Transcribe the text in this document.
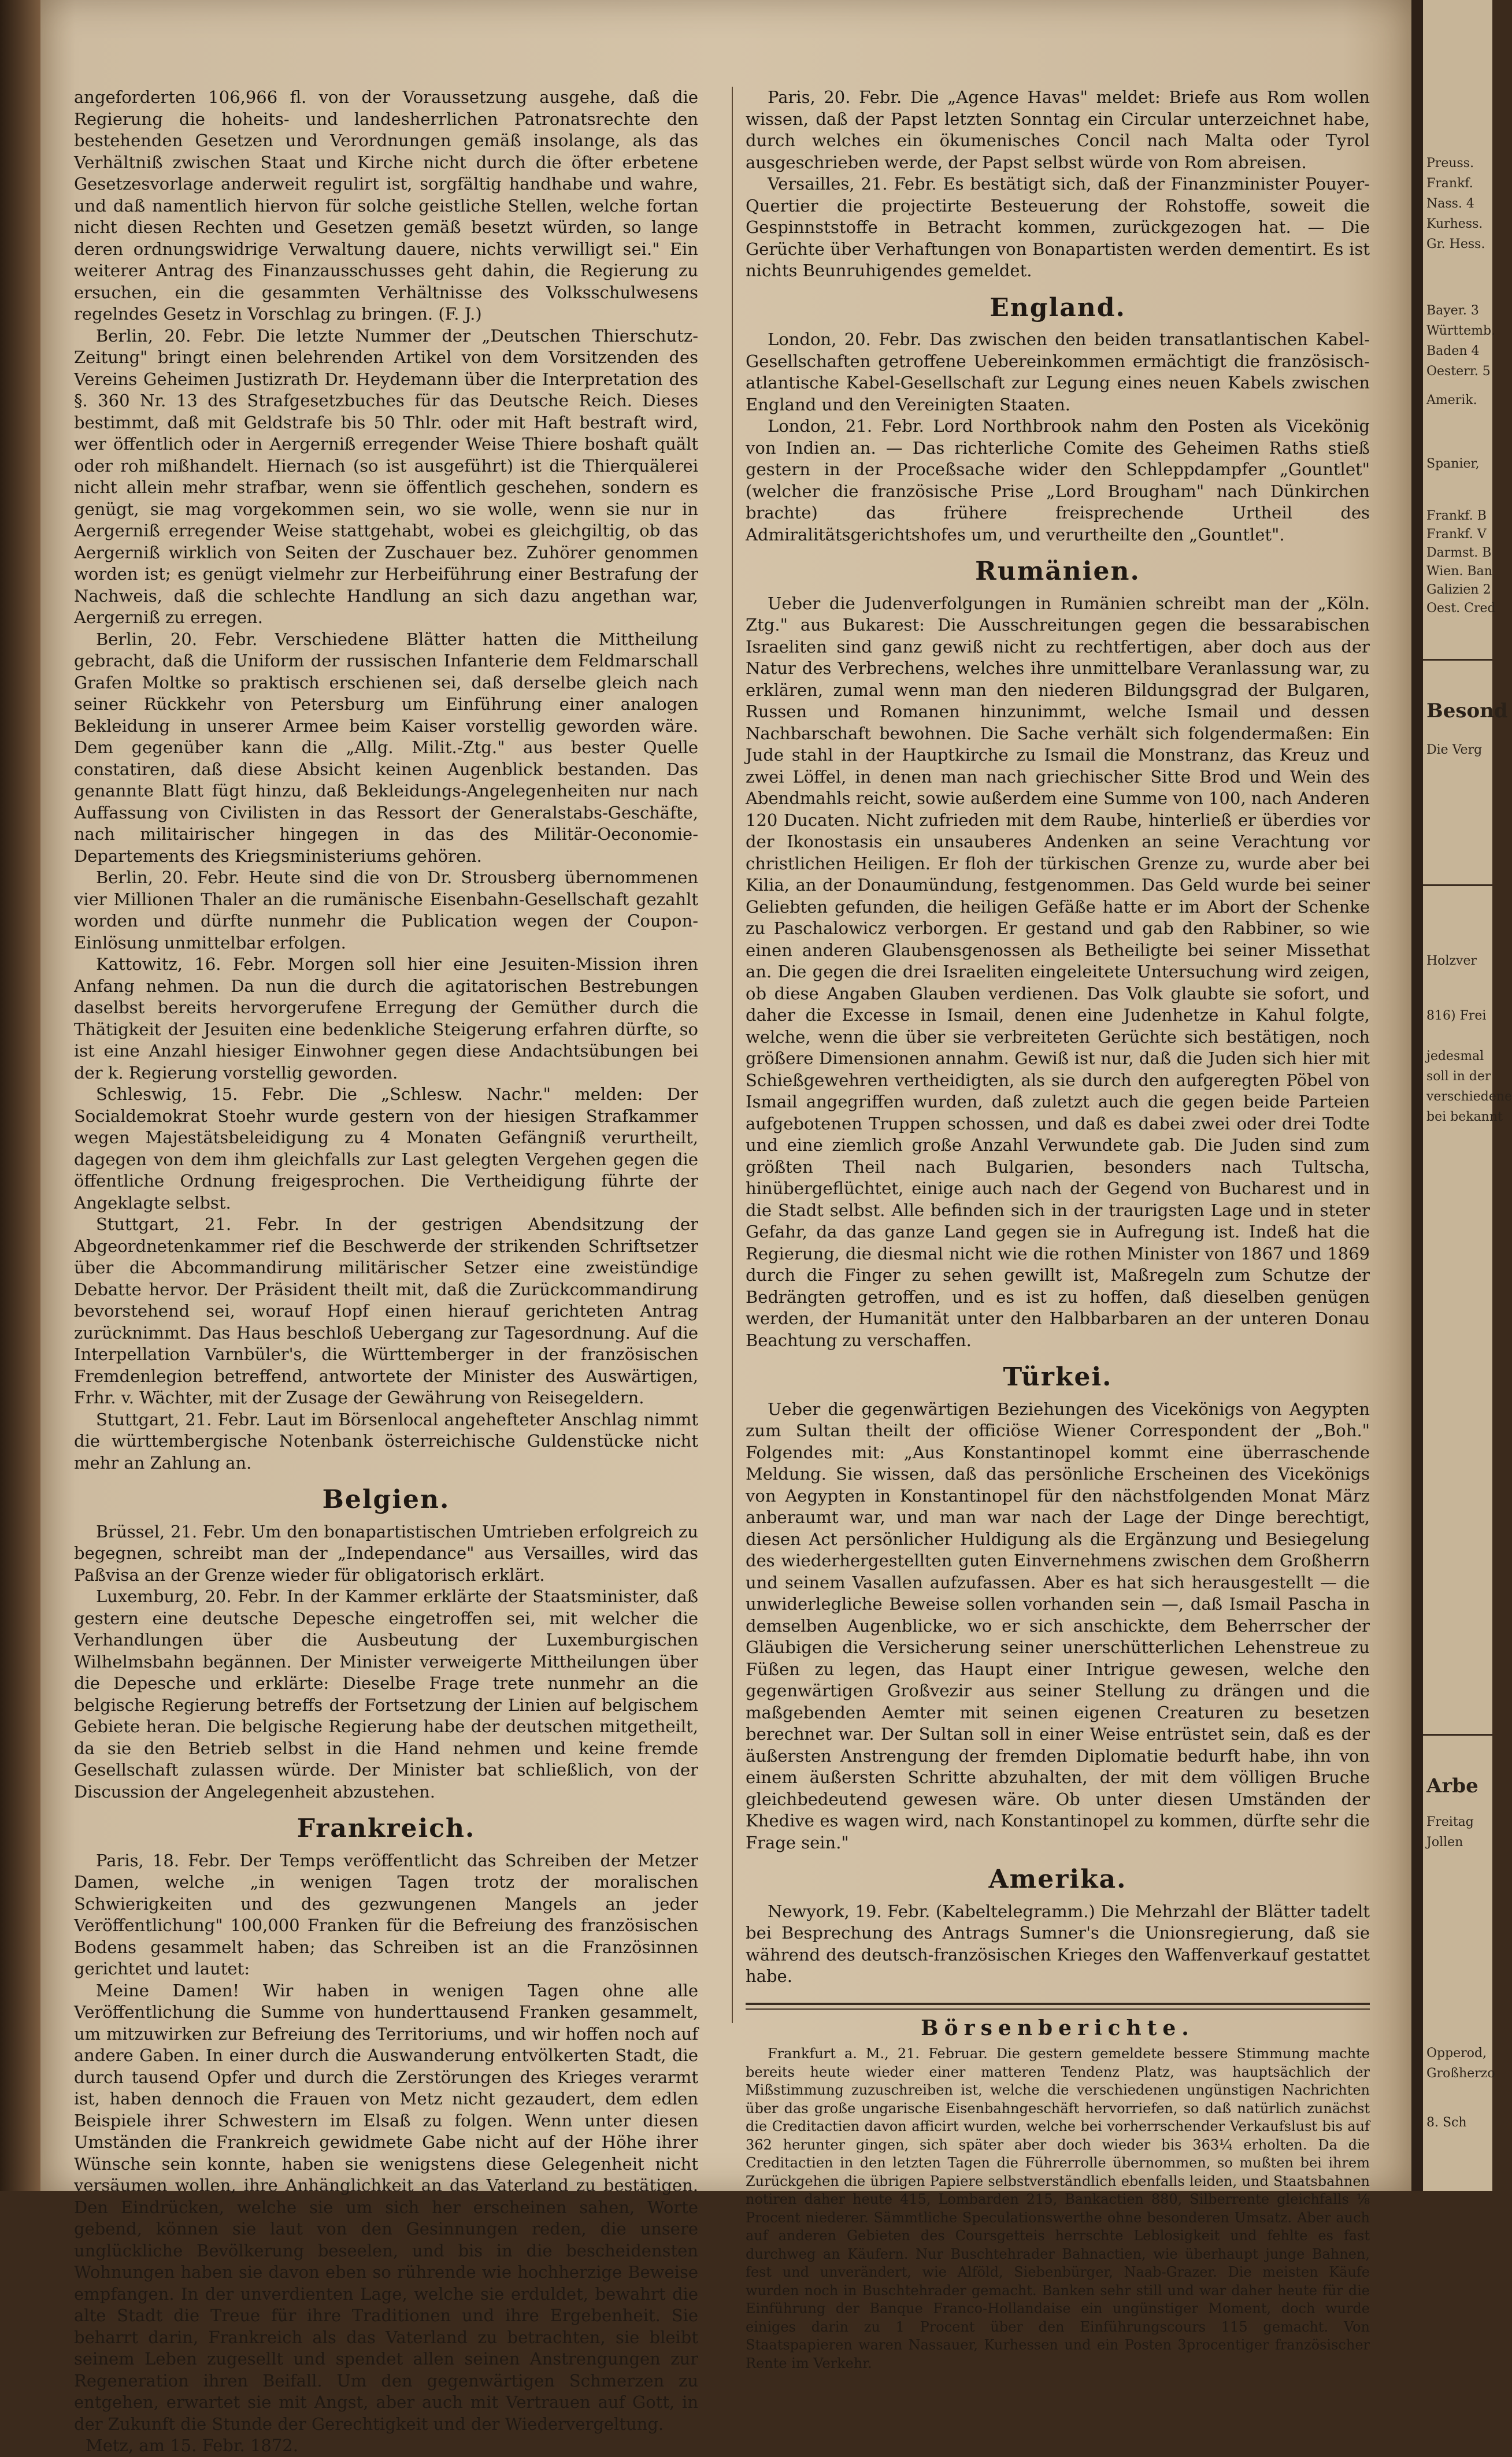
angeforderten 106,966 fl. von der Voraussetzung ausgehe, daß die Regierung die hoheits- und landesherrlichen Patronatsrechte den bestehenden Gesetzen und Verordnungen gemäß insolange, als das Verhältniß zwischen Staat und Kirche nicht durch die öfter erbetene Gesetzesvorlage anderweit regulirt ist, sorgfältig handhabe und wahre, und daß namentlich hiervon für solche geistliche Stellen, welche fortan nicht diesen Rechten und Gesetzen gemäß besetzt würden, so lange deren ordnungswidrige Verwaltung dauere, nichts verwilligt sei." Ein weiterer Antrag des Finanzausschusses geht dahin, die Regierung zu ersuchen, ein die gesammten Verhältnisse des Volksschulwesens regelndes Gesetz in Vorschlag zu bringen. (F. J.)

Berlin, 20. Febr. Die letzte Nummer der „Deutschen Thierschutz-Zeitung" bringt einen belehrenden Artikel von dem Vorsitzenden des Vereins Geheimen Justizrath Dr. Heydemann über die Interpretation des §. 360 Nr. 13 des Strafgesetzbuches für das Deutsche Reich. Dieses bestimmt, daß mit Geldstrafe bis 50 Thlr. oder mit Haft bestraft wird, wer öffentlich oder in Aergerniß erregender Weise Thiere boshaft quält oder roh mißhandelt. Hiernach (so ist ausgeführt) ist die Thierquälerei nicht allein mehr strafbar, wenn sie öffentlich geschehen, sondern es genügt, sie mag vorgekommen sein, wo sie wolle, wenn sie nur in Aergerniß erregender Weise stattgehabt, wobei es gleichgiltig, ob das Aergerniß wirklich von Seiten der Zuschauer bez. Zuhörer genommen worden ist; es genügt vielmehr zur Herbeiführung einer Bestrafung der Nachweis, daß die schlechte Handlung an sich dazu angethan war, Aergerniß zu erregen.

Berlin, 20. Febr. Verschiedene Blätter hatten die Mittheilung gebracht, daß die Uniform der russischen Infanterie dem Feldmarschall Grafen Moltke so praktisch erschienen sei, daß derselbe gleich nach seiner Rückkehr von Petersburg um Einführung einer analogen Bekleidung in unserer Armee beim Kaiser vorstellig geworden wäre. Dem gegenüber kann die „Allg. Milit.-Ztg." aus bester Quelle constatiren, daß diese Absicht keinen Augenblick bestanden. Das genannte Blatt fügt hinzu, daß Bekleidungs-Angelegenheiten nur nach Auffassung von Civilisten in das Ressort der Generalstabs-Geschäfte, nach militairischer hingegen in das des Militär-Oeconomie-Departements des Kriegsministeriums gehören.

Berlin, 20. Febr. Heute sind die von Dr. Strousberg übernommenen vier Millionen Thaler an die rumänische Eisenbahn-Gesellschaft gezahlt worden und dürfte nunmehr die Publication wegen der Coupon-Einlösung unmittelbar erfolgen.

Kattowitz, 16. Febr. Morgen soll hier eine Jesuiten-Mission ihren Anfang nehmen. Da nun die durch die agitatorischen Bestrebungen daselbst bereits hervorgerufene Erregung der Gemüther durch die Thätigkeit der Jesuiten eine bedenkliche Steigerung erfahren dürfte, so ist eine Anzahl hiesiger Einwohner gegen diese Andachtsübungen bei der k. Regierung vorstellig geworden.

Schleswig, 15. Febr. Die „Schlesw. Nachr." melden: Der Socialdemokrat Stoehr wurde gestern von der hiesigen Strafkammer wegen Majestätsbeleidigung zu 4 Monaten Gefängniß verurtheilt, dagegen von dem ihm gleichfalls zur Last gelegten Vergehen gegen die öffentliche Ordnung freigesprochen. Die Vertheidigung führte der Angeklagte selbst.

Stuttgart, 21. Febr. In der gestrigen Abendsitzung der Abgeordnetenkammer rief die Beschwerde der strikenden Schriftsetzer über die Abcommandirung militärischer Setzer eine zweistündige Debatte hervor. Der Präsident theilt mit, daß die Zurückcommandirung bevorstehend sei, worauf Hopf einen hierauf gerichteten Antrag zurücknimmt. Das Haus beschloß Uebergang zur Tagesordnung. Auf die Interpellation Varnbüler's, die Württemberger in der französischen Fremdenlegion betreffend, antwortete der Minister des Auswärtigen, Frhr. v. Wächter, mit der Zusage der Gewährung von Reisegeldern.

Stuttgart, 21. Febr. Laut im Börsenlocal angehefteter Anschlag nimmt die württembergische Notenbank österreichische Guldenstücke nicht mehr an Zahlung an.

Belgien.

Brüssel, 21. Febr. Um den bonapartistischen Umtrieben erfolgreich zu begegnen, schreibt man der „Independance" aus Versailles, wird das Paßvisa an der Grenze wieder für obligatorisch erklärt.

Luxemburg, 20. Febr. In der Kammer erklärte der Staatsminister, daß gestern eine deutsche Depesche eingetroffen sei, mit welcher die Verhandlungen über die Ausbeutung der Luxemburgischen Wilhelmsbahn begännen. Der Minister verweigerte Mittheilungen über die Depesche und erklärte: Dieselbe Frage trete nunmehr an die belgische Regierung betreffs der Fortsetzung der Linien auf belgischem Gebiete heran. Die belgische Regierung habe der deutschen mitgetheilt, da sie den Betrieb selbst in die Hand nehmen und keine fremde Gesellschaft zulassen würde. Der Minister bat schließlich, von der Discussion der Angelegenheit abzustehen.

Frankreich.

Paris, 18. Febr. Der Temps veröffentlicht das Schreiben der Metzer Damen, welche „in wenigen Tagen trotz der moralischen Schwierigkeiten und des gezwungenen Mangels an jeder Veröffentlichung" 100,000 Franken für die Befreiung des französischen Bodens gesammelt haben; das Schreiben ist an die Französinnen gerichtet und lautet:

Meine Damen! Wir haben in wenigen Tagen ohne alle Veröffentlichung die Summe von hunderttausend Franken gesammelt, um mitzuwirken zur Befreiung des Territoriums, und wir hoffen noch auf andere Gaben. In einer durch die Auswanderung entvölkerten Stadt, die durch tausend Opfer und durch die Zerstörungen des Krieges verarmt ist, haben dennoch die Frauen von Metz nicht gezaudert, dem edlen Beispiele ihrer Schwestern im Elsaß zu folgen. Wenn unter diesen Umständen die Frankreich gewidmete Gabe nicht auf der Höhe ihrer Wünsche sein konnte, haben sie wenigstens diese Gelegenheit nicht versäumen wollen, ihre Anhänglichkeit an das Vaterland zu bestätigen. Den Eindrücken, welche sie um sich her erscheinen sahen, Worte gebend, können sie laut von den Gesinnungen reden, die unsere unglückliche Bevölkerung beseelen, und bis in die bescheidensten Wohnungen haben sie davon eben so rührende wie hochherzige Beweise empfangen. In der unverdienten Lage, welche sie erduldet, bewahrt die alte Stadt die Treue für ihre Traditionen und ihre Ergebenheit. Sie beharrt darin, Frankreich als das Vaterland zu betrachten, sie bleibt seinem Leben zugesellt und spendet allen seinen Anstrengungen zur Regeneration ihren Beifall. Um den gegenwärtigen Schmerzen zu entgehen, erwartet sie mit Angst, aber auch mit Vertrauen auf Gott, in der Zukunft die Stunde der Gerechtigkeit und der Wiedervergeltung.

Metz, am 15. Febr. 1872.

Paris, 20. Febr. Die „Agence Havas" meldet: Briefe aus Rom wollen wissen, daß der Papst letzten Sonntag ein Circular unterzeichnet habe, durch welches ein ökumenisches Concil nach Malta oder Tyrol ausgeschrieben werde, der Papst selbst würde von Rom abreisen.

Versailles, 21. Febr. Es bestätigt sich, daß der Finanzminister Pouyer-Quertier die projectirte Besteuerung der Rohstoffe, soweit die Gespinnststoffe in Betracht kommen, zurückgezogen hat. — Die Gerüchte über Verhaftungen von Bonapartisten werden dementirt. Es ist nichts Beunruhigendes gemeldet.

England.

London, 20. Febr. Das zwischen den beiden transatlantischen Kabel-Gesellschaften getroffene Uebereinkommen ermächtigt die französisch-atlantische Kabel-Gesellschaft zur Legung eines neuen Kabels zwischen England und den Vereinigten Staaten.

London, 21. Febr. Lord Northbrook nahm den Posten als Vicekönig von Indien an. — Das richterliche Comite des Geheimen Raths stieß gestern in der Proceßsache wider den Schleppdampfer „Gountlet" (welcher die französische Prise „Lord Brougham" nach Dünkirchen brachte) das frühere freisprechende Urtheil des Admiralitätsgerichtshofes um, und verurtheilte den „Gountlet".

Rumänien.

Ueber die Judenverfolgungen in Rumänien schreibt man der „Köln. Ztg." aus Bukarest: Die Ausschreitungen gegen die bessarabischen Israeliten sind ganz gewiß nicht zu rechtfertigen, aber doch aus der Natur des Verbrechens, welches ihre unmittelbare Veranlassung war, zu erklären, zumal wenn man den niederen Bildungsgrad der Bulgaren, Russen und Romanen hinzunimmt, welche Ismail und dessen Nachbarschaft bewohnen. Die Sache verhält sich folgendermaßen: Ein Jude stahl in der Hauptkirche zu Ismail die Monstranz, das Kreuz und zwei Löffel, in denen man nach griechischer Sitte Brod und Wein des Abendmahls reicht, sowie außerdem eine Summe von 100, nach Anderen 120 Ducaten. Nicht zufrieden mit dem Raube, hinterließ er überdies vor der Ikonostasis ein unsauberes Andenken an seine Verachtung vor christlichen Heiligen. Er floh der türkischen Grenze zu, wurde aber bei Kilia, an der Donaumündung, festgenommen. Das Geld wurde bei seiner Geliebten gefunden, die heiligen Gefäße hatte er im Abort der Schenke zu Paschalowicz verborgen. Er gestand und gab den Rabbiner, so wie einen anderen Glaubensgenossen als Betheiligte bei seiner Missethat an. Die gegen die drei Israeliten eingeleitete Untersuchung wird zeigen, ob diese Angaben Glauben verdienen. Das Volk glaubte sie sofort, und daher die Excesse in Ismail, denen eine Judenhetze in Kahul folgte, welche, wenn die über sie verbreiteten Gerüchte sich bestätigen, noch größere Dimensionen annahm. Gewiß ist nur, daß die Juden sich hier mit Schießgewehren vertheidigten, als sie durch den aufgeregten Pöbel von Ismail angegriffen wurden, daß zuletzt auch die gegen beide Parteien aufgebotenen Truppen schossen, und daß es dabei zwei oder drei Todte und eine ziemlich große Anzahl Verwundete gab. Die Juden sind zum größten Theil nach Bulgarien, besonders nach Tultscha, hinübergeflüchtet, einige auch nach der Gegend von Bucharest und in die Stadt selbst. Alle befinden sich in der traurigsten Lage und in steter Gefahr, da das ganze Land gegen sie in Aufregung ist. Indeß hat die Regierung, die diesmal nicht wie die rothen Minister von 1867 und 1869 durch die Finger zu sehen gewillt ist, Maßregeln zum Schutze der Bedrängten getroffen, und es ist zu hoffen, daß dieselben genügen werden, der Humanität unter den Halbbarbaren an der unteren Donau Beachtung zu verschaffen.

Türkei.

Ueber die gegenwärtigen Beziehungen des Vicekönigs von Aegypten zum Sultan theilt der officiöse Wiener Correspondent der „Boh." Folgendes mit: „Aus Konstantinopel kommt eine überraschende Meldung. Sie wissen, daß das persönliche Erscheinen des Vicekönigs von Aegypten in Konstantinopel für den nächstfolgenden Monat März anberaumt war, und man war nach der Lage der Dinge berechtigt, diesen Act persönlicher Huldigung als die Ergänzung und Besiegelung des wiederhergestellten guten Einvernehmens zwischen dem Großherrn und seinem Vasallen aufzufassen. Aber es hat sich herausgestellt — die unwiderlegliche Beweise sollen vorhanden sein —, daß Ismail Pascha in demselben Augenblicke, wo er sich anschickte, dem Beherrscher der Gläubigen die Versicherung seiner unerschütterlichen Lehenstreue zu Füßen zu legen, das Haupt einer Intrigue gewesen, welche den gegenwärtigen Großvezir aus seiner Stellung zu drängen und die maßgebenden Aemter mit seinen eigenen Creaturen zu besetzen berechnet war. Der Sultan soll in einer Weise entrüstet sein, daß es der äußersten Anstrengung der fremden Diplomatie bedurft habe, ihn von einem äußersten Schritte abzuhalten, der mit dem völligen Bruche gleichbedeutend gewesen wäre. Ob unter diesen Umständen der Khedive es wagen wird, nach Konstantinopel zu kommen, dürfte sehr die Frage sein."

Amerika.

Newyork, 19. Febr. (Kabeltelegramm.) Die Mehrzahl der Blätter tadelt bei Besprechung des Antrags Sumner's die Unionsregierung, daß sie während des deutsch-französischen Krieges den Waffenverkauf gestattet habe.

Börsenberichte.

Frankfurt a. M., 21. Februar. Die gestern gemeldete bessere Stimmung machte bereits heute wieder einer matteren Tendenz Platz, was hauptsächlich der Mißstimmung zuzuschreiben ist, welche die verschiedenen ungünstigen Nachrichten über das große ungarische Eisenbahngeschäft hervorriefen, so daß natürlich zunächst die Creditactien davon afficirt wurden, welche bei vorherrschender Verkaufslust bis auf 362 herunter gingen, sich später aber doch wieder bis 363¼ erholten. Da die Creditactien in den letzten Tagen die Führerrolle übernommen, so mußten bei ihrem Zurückgehen die übrigen Papiere selbstverständlich ebenfalls leiden, und Staatsbahnen notiren daher heute 415, Lombarden 215, Bankactien 880, Silberrente gleichfalls ⅛ Procent niederer. Sämmtliche Speculationswerthe ohne besonderen Umsatz. Aber auch auf anderen Gebieten des Coursgetteis herrschte Leblosigkeit und fehlte es fast durchweg an Käufern. Nur Buschtehrader Bahnactien, wie überhaupt junge Bahnen, fest und unverändert, wie Alföld, Siebenbürger, Naab-Grazer. Die meisten Käufe wurden noch in Buschtehrader gemacht. Banken sehr still und war daher heute für die Einführung der Banque Franco-Hollandaise ein ungünstiger Moment, doch wurde einiges darin zu 1 Procent über den Einführungscours 115 gemacht. Von Staatspapieren waren Nassauer, Kurhessen und ein Posten 3procentiger französischer Rente im Verkehr.

Preuss.
Frankf.
Nass. 4
Kurhess.
Gr. Hess.
Bayer. 3
Württemb.
Baden 4
Oesterr. 5
Amerik.
Spanier,
Frankf. B
Frankf. V
Darmst. B
Wien. Ban
Galizien 2
Oest. Cred
Besond
Die Verg
Holzver
816) Frei
jedesmal
soll in der
verschiedene
bei bekannt
Arbe
Freitag
Jollen
Opperod,
Großherzo
8. Sch
